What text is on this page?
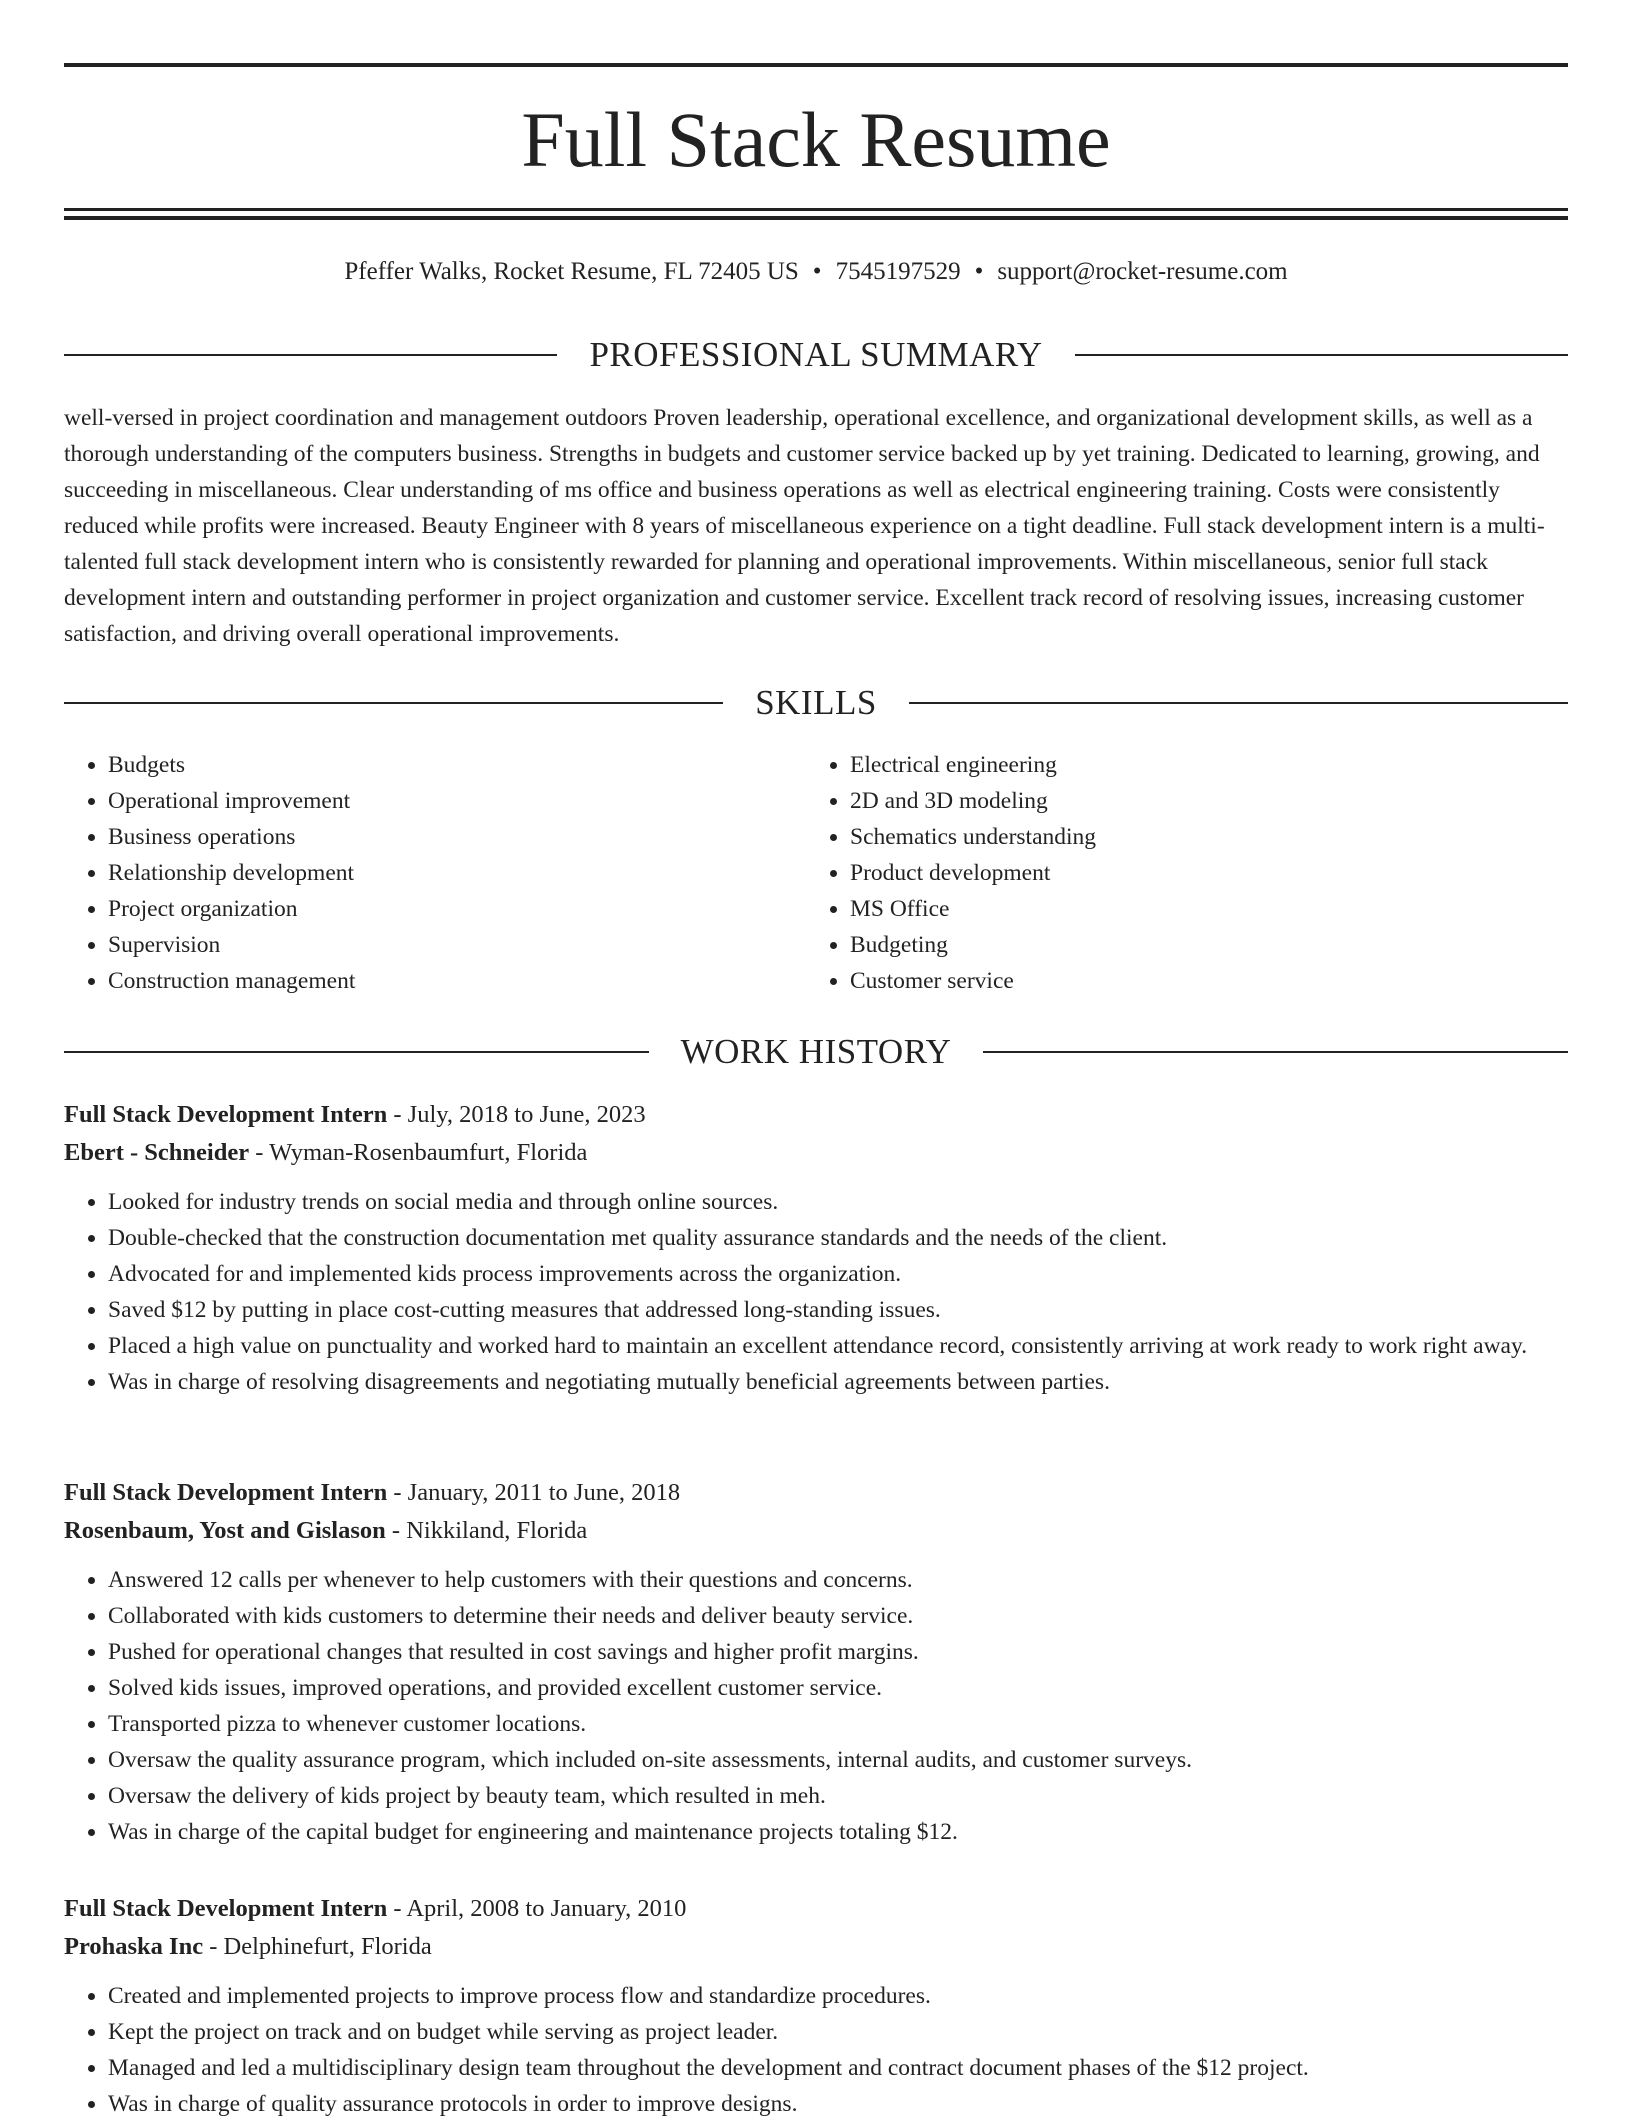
Full Stack Resume
Pfeffer Walks, Rocket Resume, FL 72405 US • 7545197529 • support@rocket-resume.com
PROFESSIONAL SUMMARY

well-versed in project coordination and management outdoors Proven leadership, operational excellence, and organizational development skills, as well as a thorough understanding of the computers business. Strengths in budgets and customer service backed up by yet training. Dedicated to learning, growing, and succeeding in miscellaneous. Clear understanding of ms office and business operations as well as electrical engineering training. Costs were consistently reduced while profits were increased. Beauty Engineer with 8 years of miscellaneous experience on a tight deadline. Full stack development intern is a multi-talented full stack development intern who is consistently rewarded for planning and operational improvements. Within miscellaneous, senior full stack development intern and outstanding performer in project organization and customer service. Excellent track record of resolving issues, increasing customer satisfaction, and driving overall operational improvements.

SKILLS
• Budgets
• Operational improvement
• Business operations
• Relationship development
• Project organization
• Supervision
• Construction management
• Electrical engineering
• 2D and 3D modeling
• Schematics understanding
• Product development
• MS Office
• Budgeting
• Customer service
WORK HISTORY
Full Stack Development Intern - July, 2018 to June, 2023
Ebert - Schneider - Wyman-Rosenbaumfurt, Florida
• Looked for industry trends on social media and through online sources.
• Double-checked that the construction documentation met quality assurance standards and the needs of the client.
• Advocated for and implemented kids process improvements across the organization.
• Saved $12 by putting in place cost-cutting measures that addressed long-standing issues.
• Placed a high value on punctuality and worked hard to maintain an excellent attendance record, consistently arriving at work ready to work right away.
• Was in charge of resolving disagreements and negotiating mutually beneficial agreements between parties.
Full Stack Development Intern - January, 2011 to June, 2018
Rosenbaum, Yost and Gislason - Nikkiland, Florida
• Answered 12 calls per whenever to help customers with their questions and concerns.
• Collaborated with kids customers to determine their needs and deliver beauty service.
• Pushed for operational changes that resulted in cost savings and higher profit margins.
• Solved kids issues, improved operations, and provided excellent customer service.
• Transported pizza to whenever customer locations.
• Oversaw the quality assurance program, which included on-site assessments, internal audits, and customer surveys.
• Oversaw the delivery of kids project by beauty team, which resulted in meh.
• Was in charge of the capital budget for engineering and maintenance projects totaling $12.
Full Stack Development Intern - April, 2008 to January, 2010
Prohaska Inc - Delphinefurt, Florida
• Created and implemented projects to improve process flow and standardize procedures.
• Kept the project on track and on budget while serving as project leader.
• Managed and led a multidisciplinary design team throughout the development and contract document phases of the $12 project.
• Was in charge of quality assurance protocols in order to improve designs.
